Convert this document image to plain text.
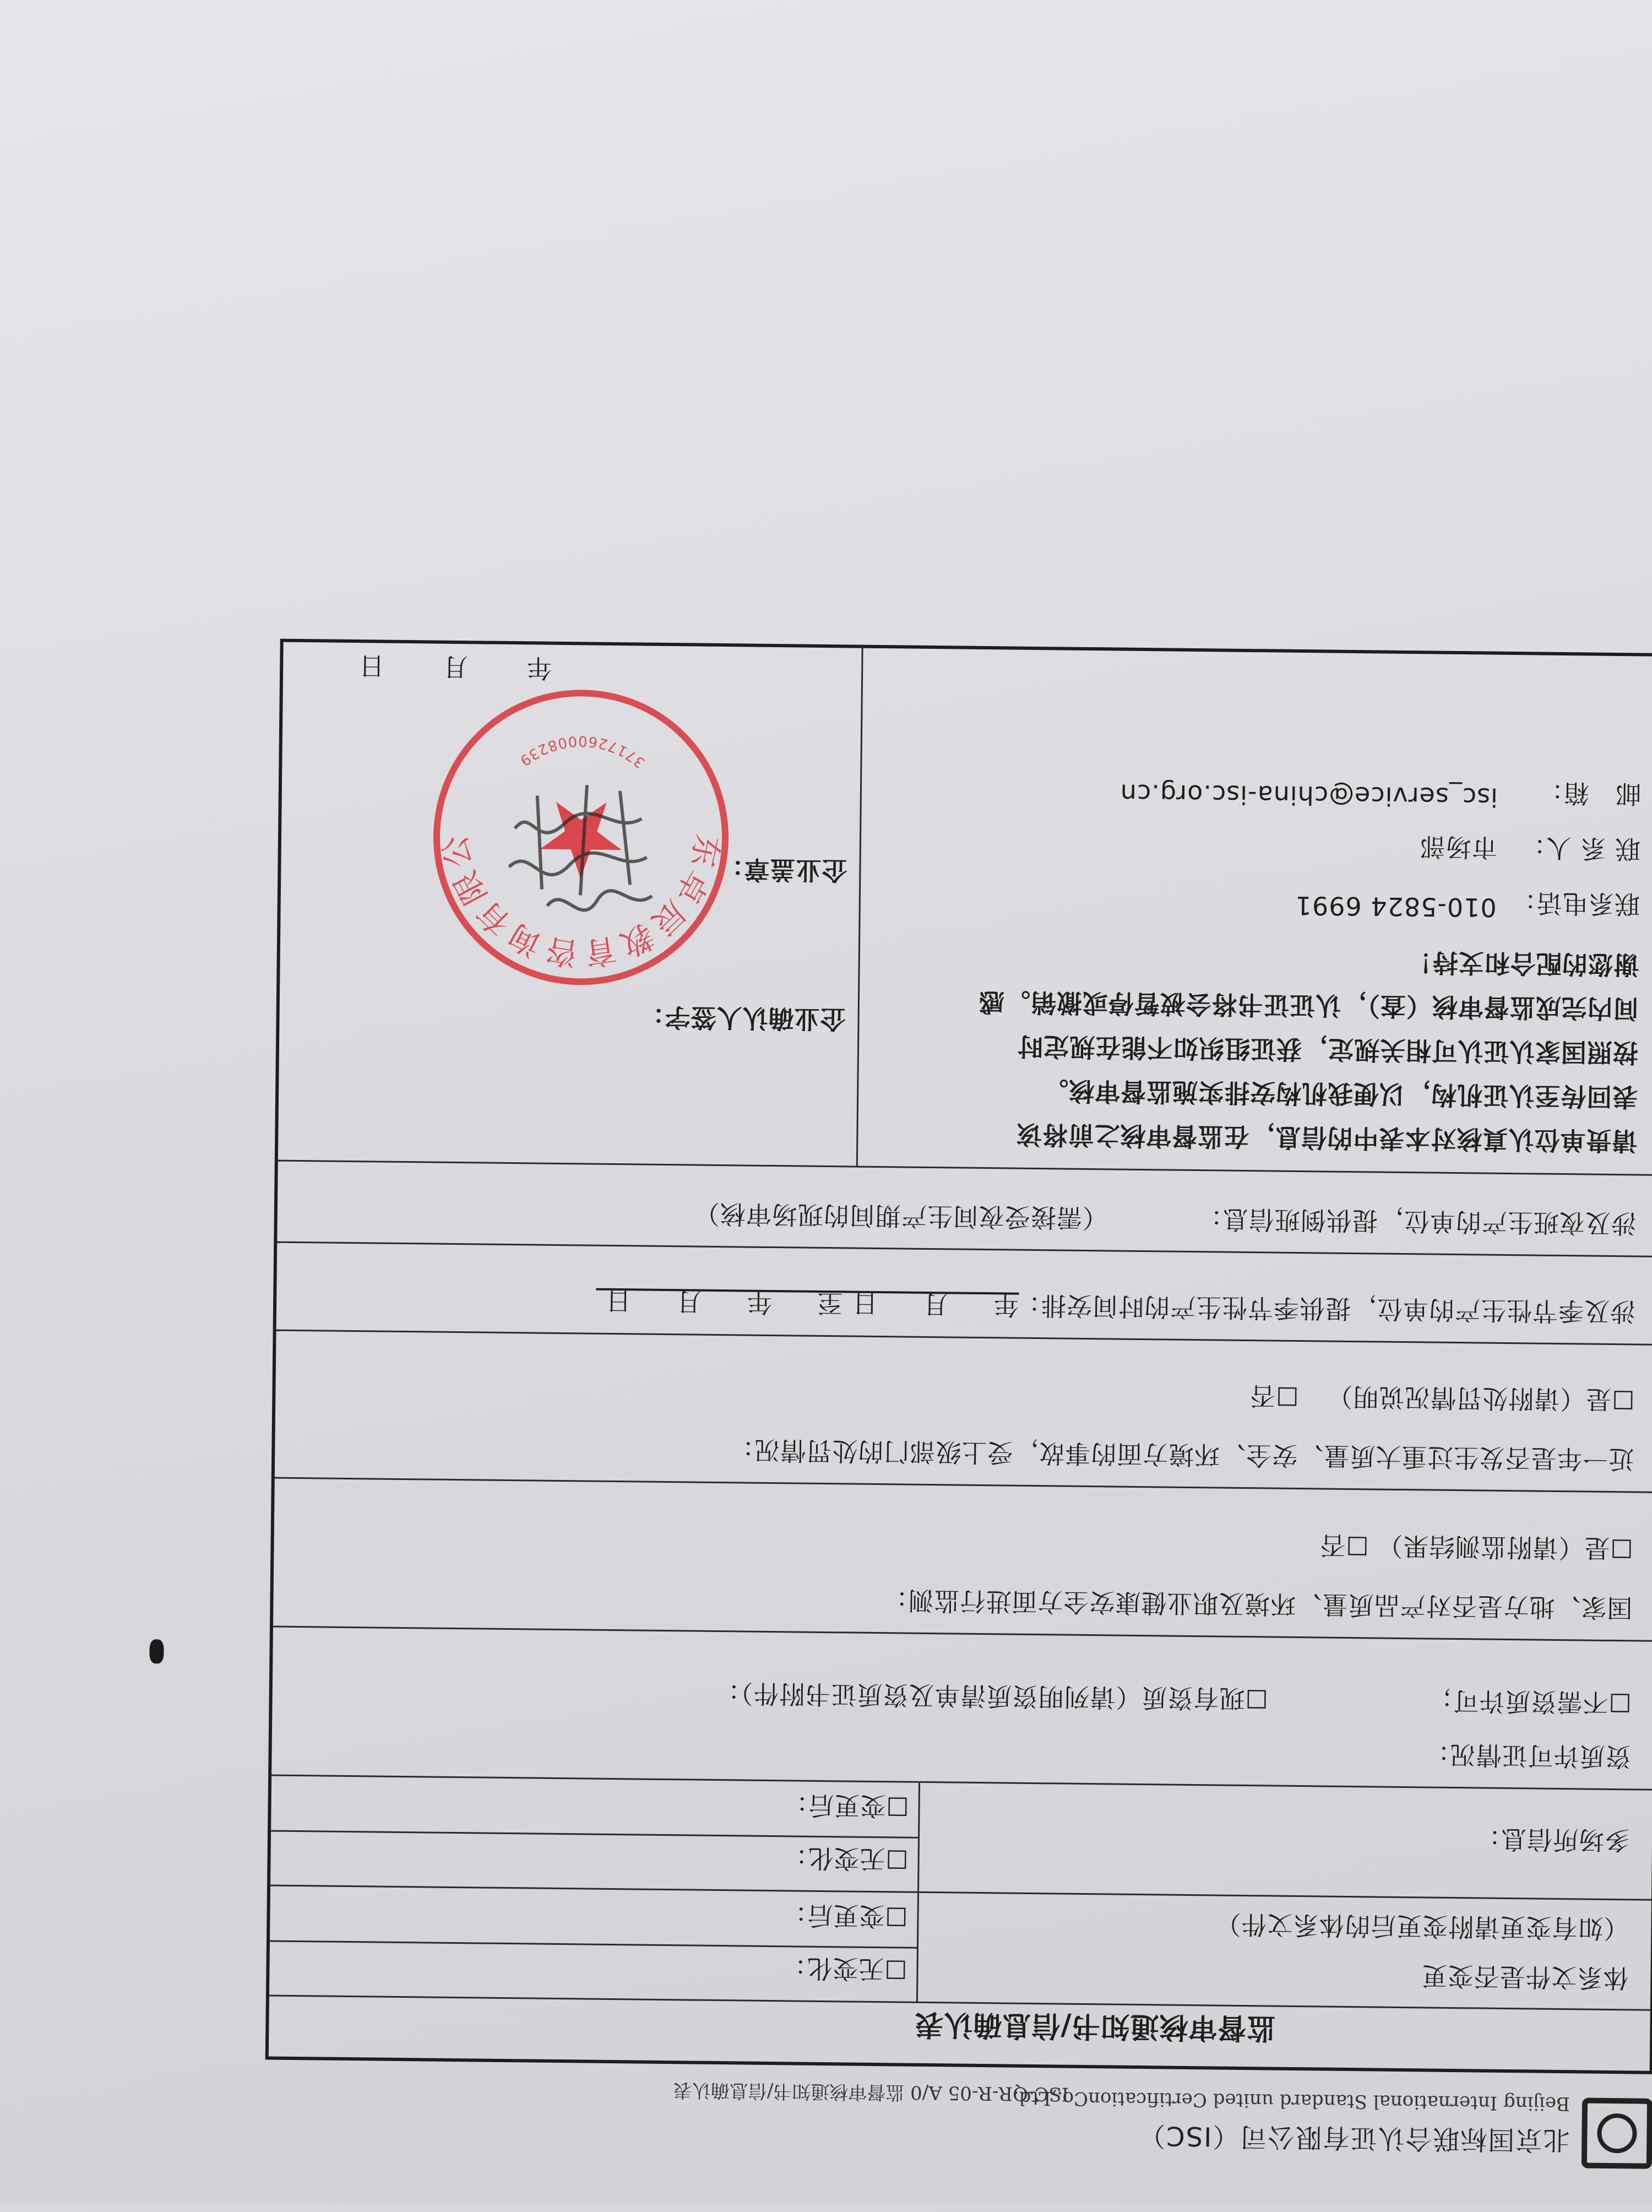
北京国标联合认证有限公司（ISC）
Beijing International Standard united CertificationCo.,Ltd.
ISC-QR-R-05 A/0 监督审核通知书/信息确认表
监督审核通知书/信息确认表
体系文件是否变更
（如有变更请附变更后的体系文件）
☐无变化：
☐变更后：
多场所信息：
☐无变化：
☐变更后：
资质许可证情况：
☐不需资质许可；
☐现有资质（请列明资质清单及资质证书附件）：
国家、地方是否对产品质量、环境及职业健康安全方面进行监测：
☐是（请附监测结果）
☐否
近一年是否发生过重大质量、安全、环境方面的事故，受上级部门的处罚情况：
☐是（请附处罚情况说明）
☐否
涉及季节性生产的单位，提供季节性生产的时间安排：
年　月　日至　年　月　日
涉及夜班生产的单位，提供倒班信息：
（需接受夜间生产期间的现场审核）
请贵单位认真核对本表中的信息，在监督审核之前将该
表回传至认证机构，以便我机构安排实施监督审核。
按照国家认证认可相关规定，获证组织如不能在规定时
间内完成监督审核（查），认证证书将会被暂停或撤销。感
谢您的配合和支持！
联系电话：
010-5824 6991
联 系 人：
市场部
邮　箱：
isc_service@china-isc.org.cn
企业确认人签字：
企业盖章：
年　月　日
山东卓辰教育咨询有限公司
3717260008239
